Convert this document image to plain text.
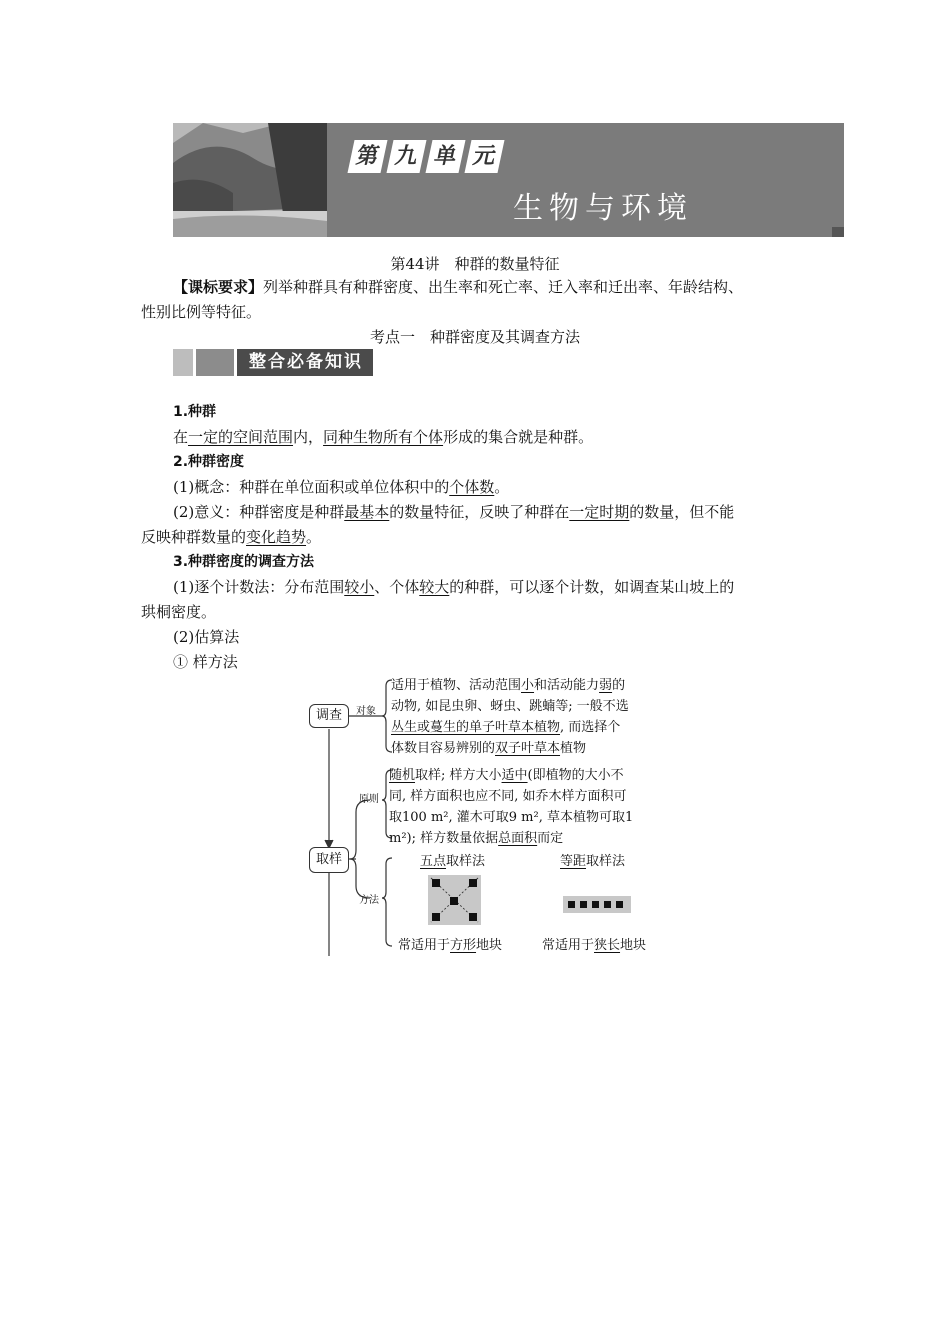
第 九 单 元
生物与环境
第44讲　种群的数量特征
【课标要求】列举种群具有种群密度、出生率和死亡率、迁入率和迁出率、年龄结构、
性别比例等特征。
考点一　种群密度及其调查方法
整合必备知识
1.种群
在一定的空间范围内，同种生物所有个体形成的集合就是种群。
2.种群密度
(1)概念：种群在单位面积或单位体积中的个体数。
(2)意义：种群密度是种群最基本的数量特征，反映了种群在一定时期的数量，但不能
反映种群数量的变化趋势。
3.种群密度的调查方法
(1)逐个计数法：分布范围较小、个体较大的种群，可以逐个计数，如调查某山坡上的
珙桐密度。
(2)估算法
① 样方法
调查
取样
对象
原则
方法
适用于植物、活动范围小和活动能力弱的
动物, 如昆虫卵、蚜虫、跳蝻等; 一般不选
丛生或蔓生的单子叶草本植物, 而选择个
体数目容易辨别的双子叶草本植物
随机取样; 样方大小适中(即植物的大小不
同, 样方面积也应不同, 如乔木样方面积可
取100 m², 灌木可取9 m², 草本植物可取1
m²); 样方数量依据总面积而定
五点取样法	等距取样法
常适用于方形地块	常适用于狭长地块
